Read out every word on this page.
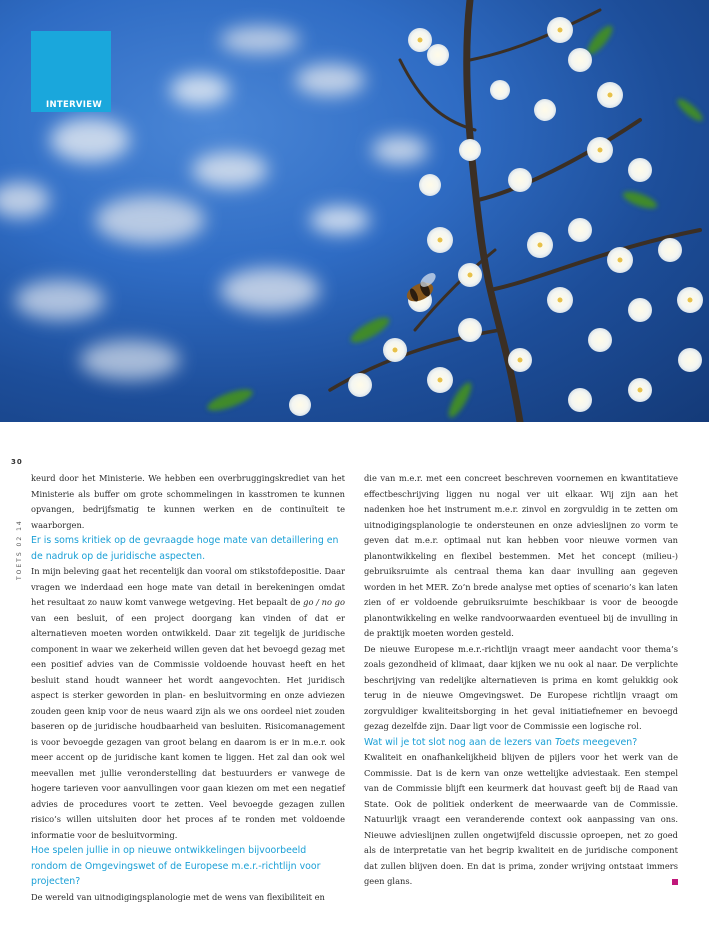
INTERVIEW
30
TOETS 02 14

keurd door het Ministerie. We hebben een overbruggingskrediet van het Ministerie als buffer om grote schommelingen in kasstromen te kunnen opvangen, bedrijfsmatig te kunnen werken en de continuïteit te waarborgen.

Er is soms kritiek op de gevraagde hoge mate van detaillering en de nadruk op de juridische aspecten.

In mijn beleving gaat het recentelijk dan vooral om stikstofdepositie. Daar vragen we inderdaad een hoge mate van detail in berekeningen omdat het resultaat zo nauw komt vanwege wetgeving. Het bepaalt de go / no go van een besluit, of een project doorgang kan vinden of dat er alternatieven moeten worden ontwikkeld. Daar zit tegelijk de juridische component in waar we zekerheid willen geven dat het bevoegd gezag met een positief advies van de Commissie voldoende houvast heeft en het besluit stand houdt wanneer het wordt aangevochten. Het juridisch aspect is sterker geworden in plan- en besluitvorming en onze adviezen zouden geen knip voor de neus waard zijn als we ons oordeel niet zouden baseren op de juridische houdbaarheid van besluiten. Risicomanagement is voor bevoegde gezagen van groot belang en daarom is er in m.e.r. ook meer accent op de juridische kant komen te liggen. Het zal dan ook wel meevallen met jullie veronderstelling dat bestuurders er vanwege de hogere tarieven voor aanvullingen voor gaan kiezen om met een negatief advies de procedures voort te zetten. Veel bevoegde gezagen zullen risico’s willen uitsluiten door het proces af te ronden met voldoende informatie voor de besluitvorming.

Hoe spelen jullie in op nieuwe ontwikkelingen bijvoorbeeld rondom de Omgevingswet of de Europese m.e.r.-richtlijn voor projecten?

De wereld van uitnodigingsplanologie met de wens van flexibiliteit en

die van m.e.r. met een concreet beschreven voornemen en kwantitatieve effectbeschrijving liggen nu nogal ver uit elkaar. Wij zijn aan het nadenken hoe het instrument m.e.r. zinvol en zorgvuldig in te zetten om uitnodigingsplanologie te ondersteunen en onze advieslijnen zo vorm te geven dat m.e.r. optimaal nut kan hebben voor nieuwe vormen van planontwikkeling en flexibel bestemmen. Met het concept (milieu-) gebruiksruimte als centraal thema kan daar invulling aan gegeven worden in het MER. Zo’n brede analyse met opties of scenario’s kan laten zien of er voldoende gebruiksruimte beschikbaar is voor de beoogde planontwikkeling en welke randvoorwaarden eventueel bij de invulling in de praktijk moeten worden gesteld.

De nieuwe Europese m.e.r.-richtlijn vraagt meer aandacht voor thema’s zoals gezondheid of klimaat, daar kijken we nu ook al naar. De verplichte beschrijving van redelijke alternatieven is prima en komt gelukkig ook terug in de nieuwe Omgevingswet. De Europese richtlijn vraagt om zorgvuldiger kwaliteitsborging in het geval initiatiefnemer en bevoegd gezag dezelfde zijn. Daar ligt voor de Commissie een logische rol.

Wat wil je tot slot nog aan de lezers van Toets meegeven?

Kwaliteit en onafhankelijkheid blijven de pijlers voor het werk van de Commissie. Dat is de kern van onze wettelijke adviestaak. Een stempel van de Commissie blijft een keurmerk dat houvast geeft bij de Raad van State. Ook de politiek onderkent de meerwaarde van de Commissie. Natuurlijk vraagt een veranderende context ook aanpassing van ons. Nieuwe advieslijnen zullen ongetwijfeld discussie oproepen, net zo goed als de interpretatie van het begrip kwaliteit en de juridische component dat zullen blijven doen. En dat is prima, zonder wrijving ontstaat immers geen glans.
